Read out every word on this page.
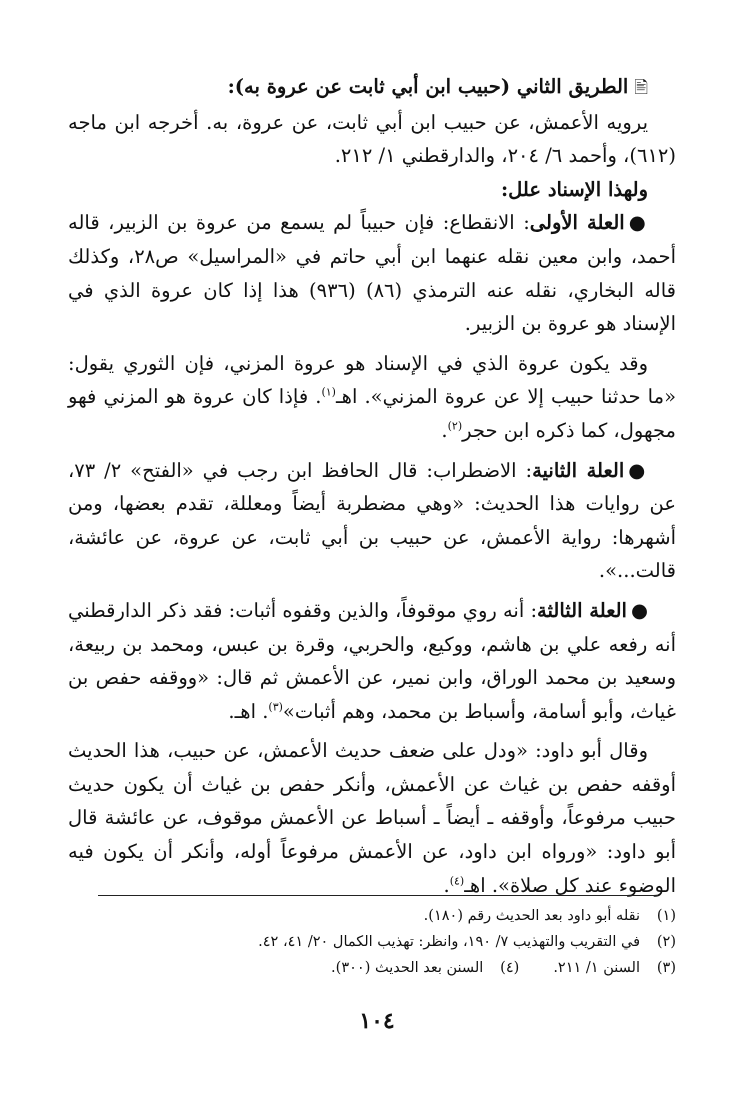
🖹الطريق الثاني (حبيب ابن أبي ثابت عن عروة به):

يرويه الأعمش، عن حبيب ابن أبي ثابت، عن عروة، به. أخرجه ابن ماجه (٦١٢)، وأحمد ٦/ ٢٠٤، والدارقطني ١/ ٢١٢.

ولهذا الإسناد علل:

●العلة الأولى: الانقطاع: فإن حبيباً لم يسمع من عروة بن الزبير، قاله أحمد، وابن معين نقله عنهما ابن أبي حاتم في «المراسيل» ص٢٨، وكذلك قاله البخاري، نقله عنه الترمذي (٨٦) (٩٣٦) هذا إذا كان عروة الذي في الإسناد هو عروة بن الزبير.

وقد يكون عروة الذي في الإسناد هو عروة المزني، فإن الثوري يقول: «ما حدثنا حبيب إلا عن عروة المزني». اهـ$^{(١)}$. فإذا كان عروة هو المزني فهو مجهول، كما ذكره ابن حجر$^{(٢)}$.

●العلة الثانية: الاضطراب: قال الحافظ ابن رجب في «الفتح» ٢/ ٧٣، عن روايات هذا الحديث: «وهي مضطربة أيضاً ومعللة، تقدم بعضها، ومن أشهرها: رواية الأعمش، عن حبيب بن أبي ثابت، عن عروة، عن عائشة، قالت...».

●العلة الثالثة: أنه روي موقوفاً، والذين وقفوه أثبات: فقد ذكر الدارقطني أنه رفعه علي بن هاشم، ووكيع، والحربي، وقرة بن عبس، ومحمد بن ربيعة، وسعيد بن محمد الوراق، وابن نمير، عن الأعمش ثم قال: «ووقفه حفص بن غياث، وأبو أسامة، وأسباط بن محمد، وهم أثبات»$^{(٣)}$. اهـ.

وقال أبو داود: «ودل على ضعف حديث الأعمش، عن حبيب، هذا الحديث أوقفه حفص بن غياث عن الأعمش، وأنكر حفص بن غياث أن يكون حديث حبيب مرفوعاً، وأوقفه ـ أيضاً ـ أسباط عن الأعمش موقوف، عن عائشة قال أبو داود: «ورواه ابن داود، عن الأعمش مرفوعاً أوله، وأنكر أن يكون فيه الوضوء عند كل صلاة». اهـ$^{(٤)}$.

(١)نقله أبو داود بعد الحديث رقم (١٨٠).

(٢)في التقريب والتهذيب ٧/ ١٩٠، وانظر: تهذيب الكمال ٢٠/ ٤١، ٤٢.

(٣)السنن ١/ ٢١١.(٤)السنن بعد الحديث (٣٠٠).

١٠٤
